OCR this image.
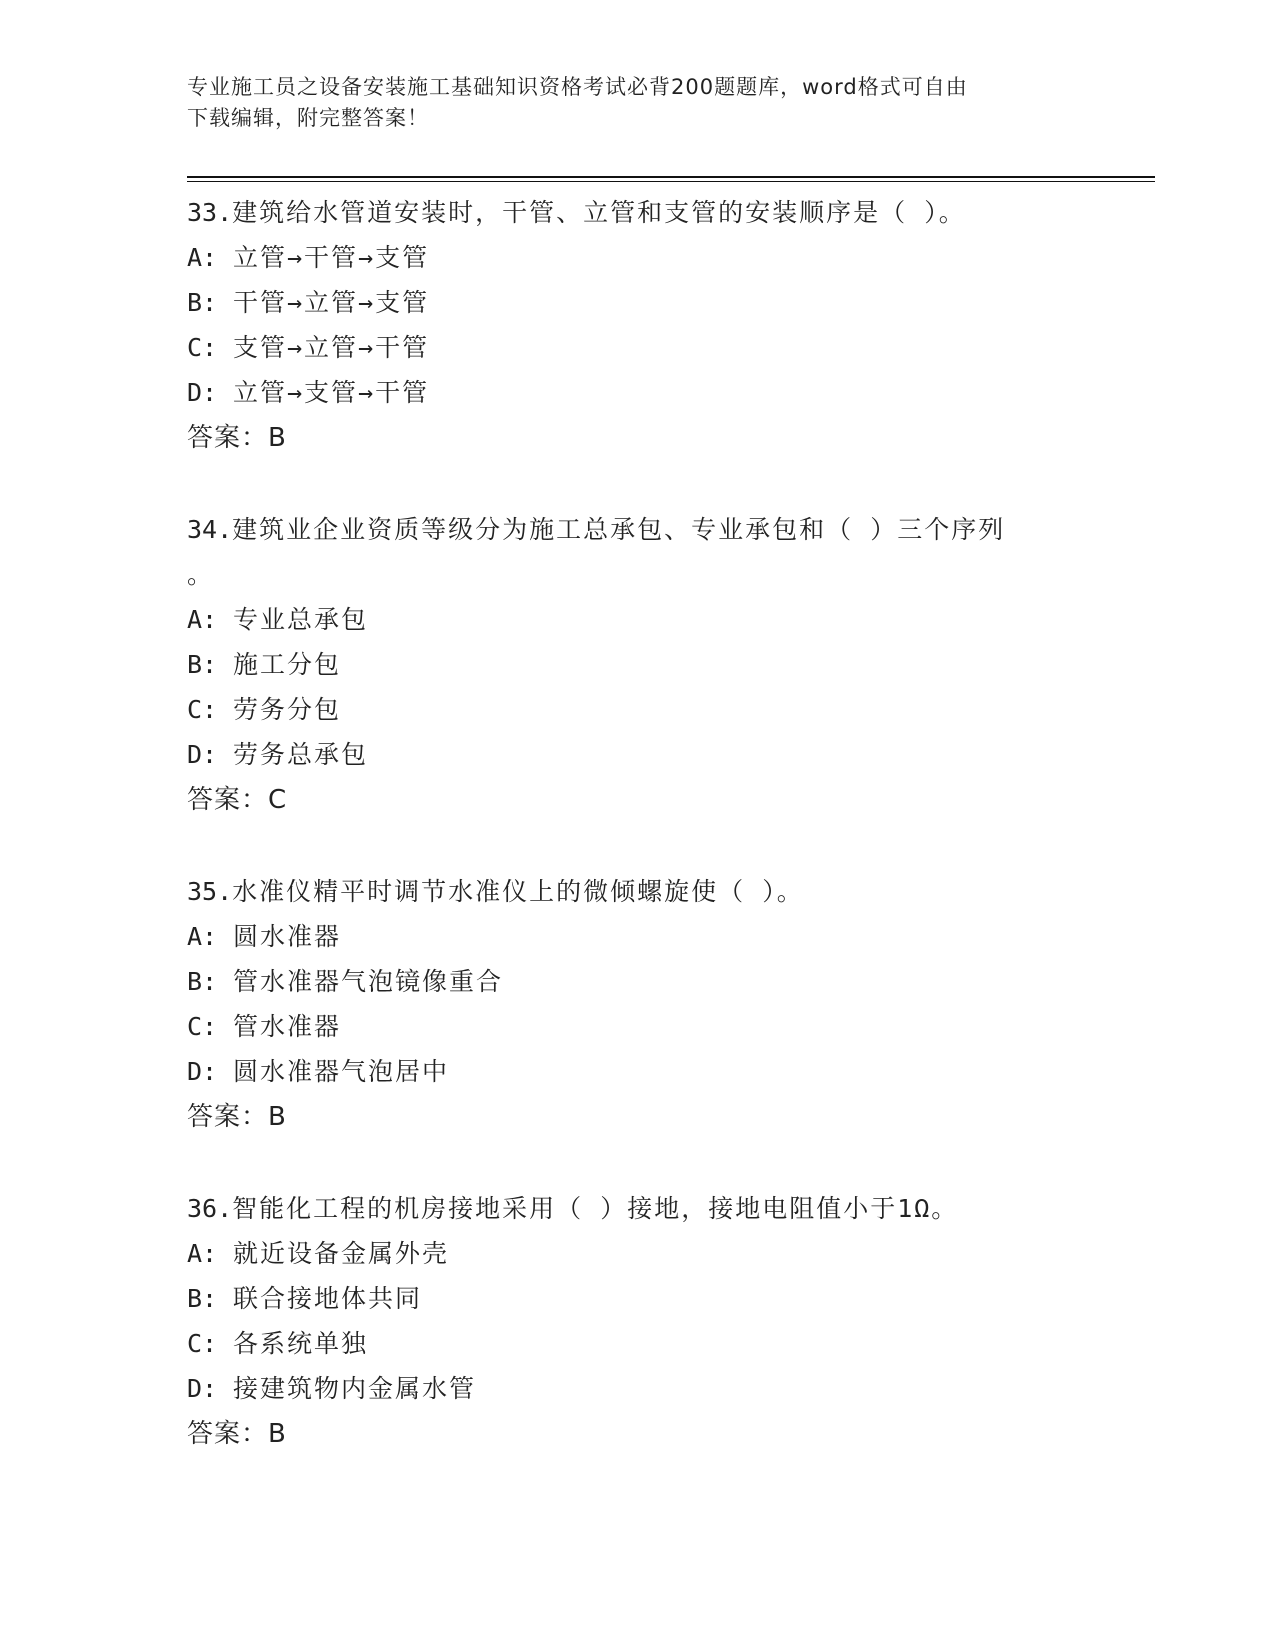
专业施工员之设备安装施工基础知识资格考试必背200题题库，word格式可自由
下载编辑，附完整答案！
33.建筑给水管道安装时，干管、立管和支管的安装顺序是（ ）。
A: 立管→干管→支管
B: 干管→立管→支管
C: 支管→立管→干管
D: 立管→支管→干管
答案：B
34.建筑业企业资质等级分为施工总承包、专业承包和（ ）三个序列
。
A: 专业总承包
B: 施工分包
C: 劳务分包
D: 劳务总承包
答案：C
35.水准仪精平时调节水准仪上的微倾螺旋使（ ）。
A: 圆水准器
B: 管水准器气泡镜像重合
C: 管水准器
D: 圆水准器气泡居中
答案：B
36.智能化工程的机房接地采用（ ）接地，接地电阻值小于1Ω。
A: 就近设备金属外壳
B: 联合接地体共同
C: 各系统单独
D: 接建筑物内金属水管
答案：B
